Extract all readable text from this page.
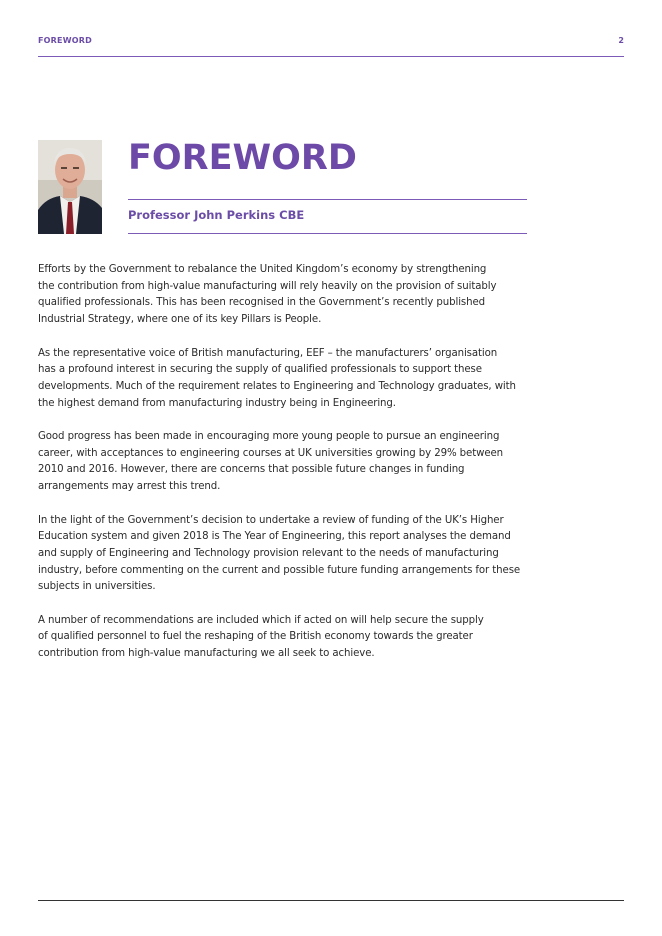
FOREWORD	2
FOREWORD
Professor John Perkins CBE

Efforts by the Government to rebalance the United Kingdom’s economy by strengthening
the contribution from high-value manufacturing will rely heavily on the provision of suitably
qualified professionals. This has been recognised in the Government’s recently published
Industrial Strategy, where one of its key Pillars is People.

As the representative voice of British manufacturing, EEF – the manufacturers’ organisation
has a profound interest in securing the supply of qualified professionals to support these
developments. Much of the requirement relates to Engineering and Technology graduates, with
the highest demand from manufacturing industry being in Engineering.

Good progress has been made in encouraging more young people to pursue an engineering
career, with acceptances to engineering courses at UK universities growing by 29% between
2010 and 2016. However, there are concerns that possible future changes in funding
arrangements may arrest this trend.

In the light of the Government’s decision to undertake a review of funding of the UK’s Higher
Education system and given 2018 is The Year of Engineering, this report analyses the demand
and supply of Engineering and Technology provision relevant to the needs of manufacturing
industry, before commenting on the current and possible future funding arrangements for these
subjects in universities.

A number of recommendations are included which if acted on will help secure the supply
of qualified personnel to fuel the reshaping of the British economy towards the greater
contribution from high-value manufacturing we all seek to achieve.
